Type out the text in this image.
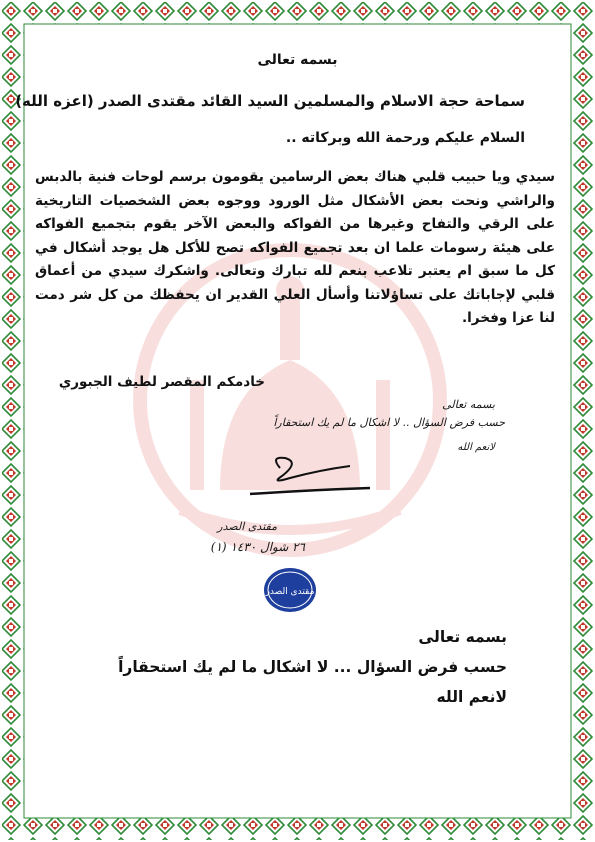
بسمه تعالى
سماحة حجة الاسلام والمسلمين السيد القائد مقتدى الصدر (اعزه الله)
السلام عليكم ورحمة الله وبركاته ..
سيدي ويا حبيب قلبي هناك بعض الرسامين يقومون برسم لوحات فنية بالدبس والراشي ونحت بعض الأشكال مثل الورود ووجوه بعض الشخصيات التاريخية على الرقي والتفاح وغيرها من الفواكه والبعض الآخر يقوم بتجميع الفواكه على هيئة رسومات علما ان بعد تجميع الفواكه تصح للأكل هل يوجد أشكال في كل ما سبق ام يعتبر تلاعب بنعم لله تبارك وتعالى. واشكرك سيدي من أعماق قلبي لإجاباتك على تساؤلاتنا وأسأل العلي القدير ان يحفظك من كل شر دمت لنا عزا وفخرا.
خادمكم المقصر لطيف الجبوري
بسمه تعالى
حسب فرض السؤال .. لا اشكال ما لم يك استحقاراً
لانعم الله
مقتدى الصدر
٢٦ شوال ١٤٣٠ (١)
مقتدى الصدر
بسمه تعالى
حسب فرض السؤال ... لا اشكال ما لم يك استحقاراً
لانعم الله
